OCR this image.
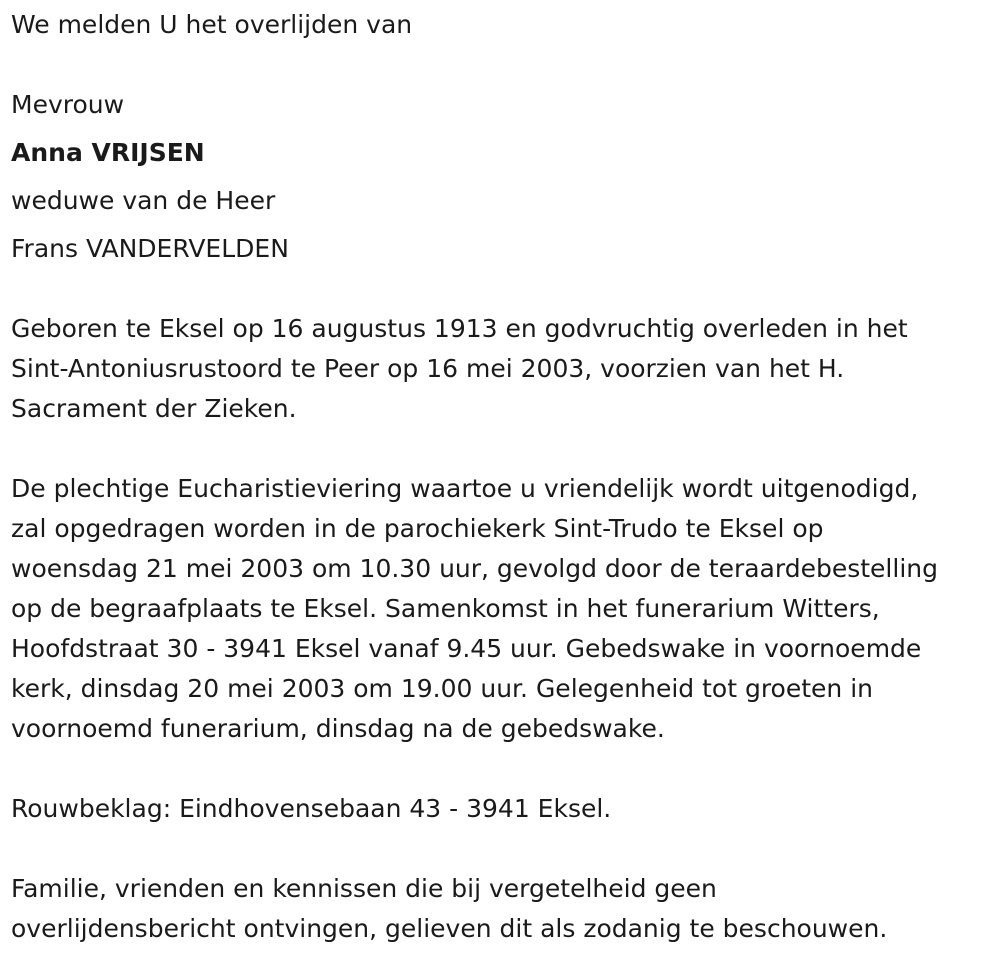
We melden U het overlijden van
Mevrouw
Anna VRIJSEN
weduwe van de Heer
Frans VANDERVELDEN
Geboren te Eksel op 16 augustus 1913 en godvruchtig overleden in het
Sint-Antoniusrustoord te Peer op 16 mei 2003, voorzien van het H.
Sacrament der Zieken.
De plechtige Eucharistieviering waartoe u vriendelijk wordt uitgenodigd,
zal opgedragen worden in de parochiekerk Sint-Trudo te Eksel op
woensdag 21 mei 2003 om 10.30 uur, gevolgd door de teraardebestelling
op de begraafplaats te Eksel. Samenkomst in het funerarium Witters,
Hoofdstraat 30 - 3941 Eksel vanaf 9.45 uur. Gebedswake in voornoemde
kerk, dinsdag 20 mei 2003 om 19.00 uur. Gelegenheid tot groeten in
voornoemd funerarium, dinsdag na de gebedswake.
Rouwbeklag: Eindhovensebaan 43 - 3941 Eksel.
Familie, vrienden en kennissen die bij vergetelheid geen
overlijdensbericht ontvingen, gelieven dit als zodanig te beschouwen.
